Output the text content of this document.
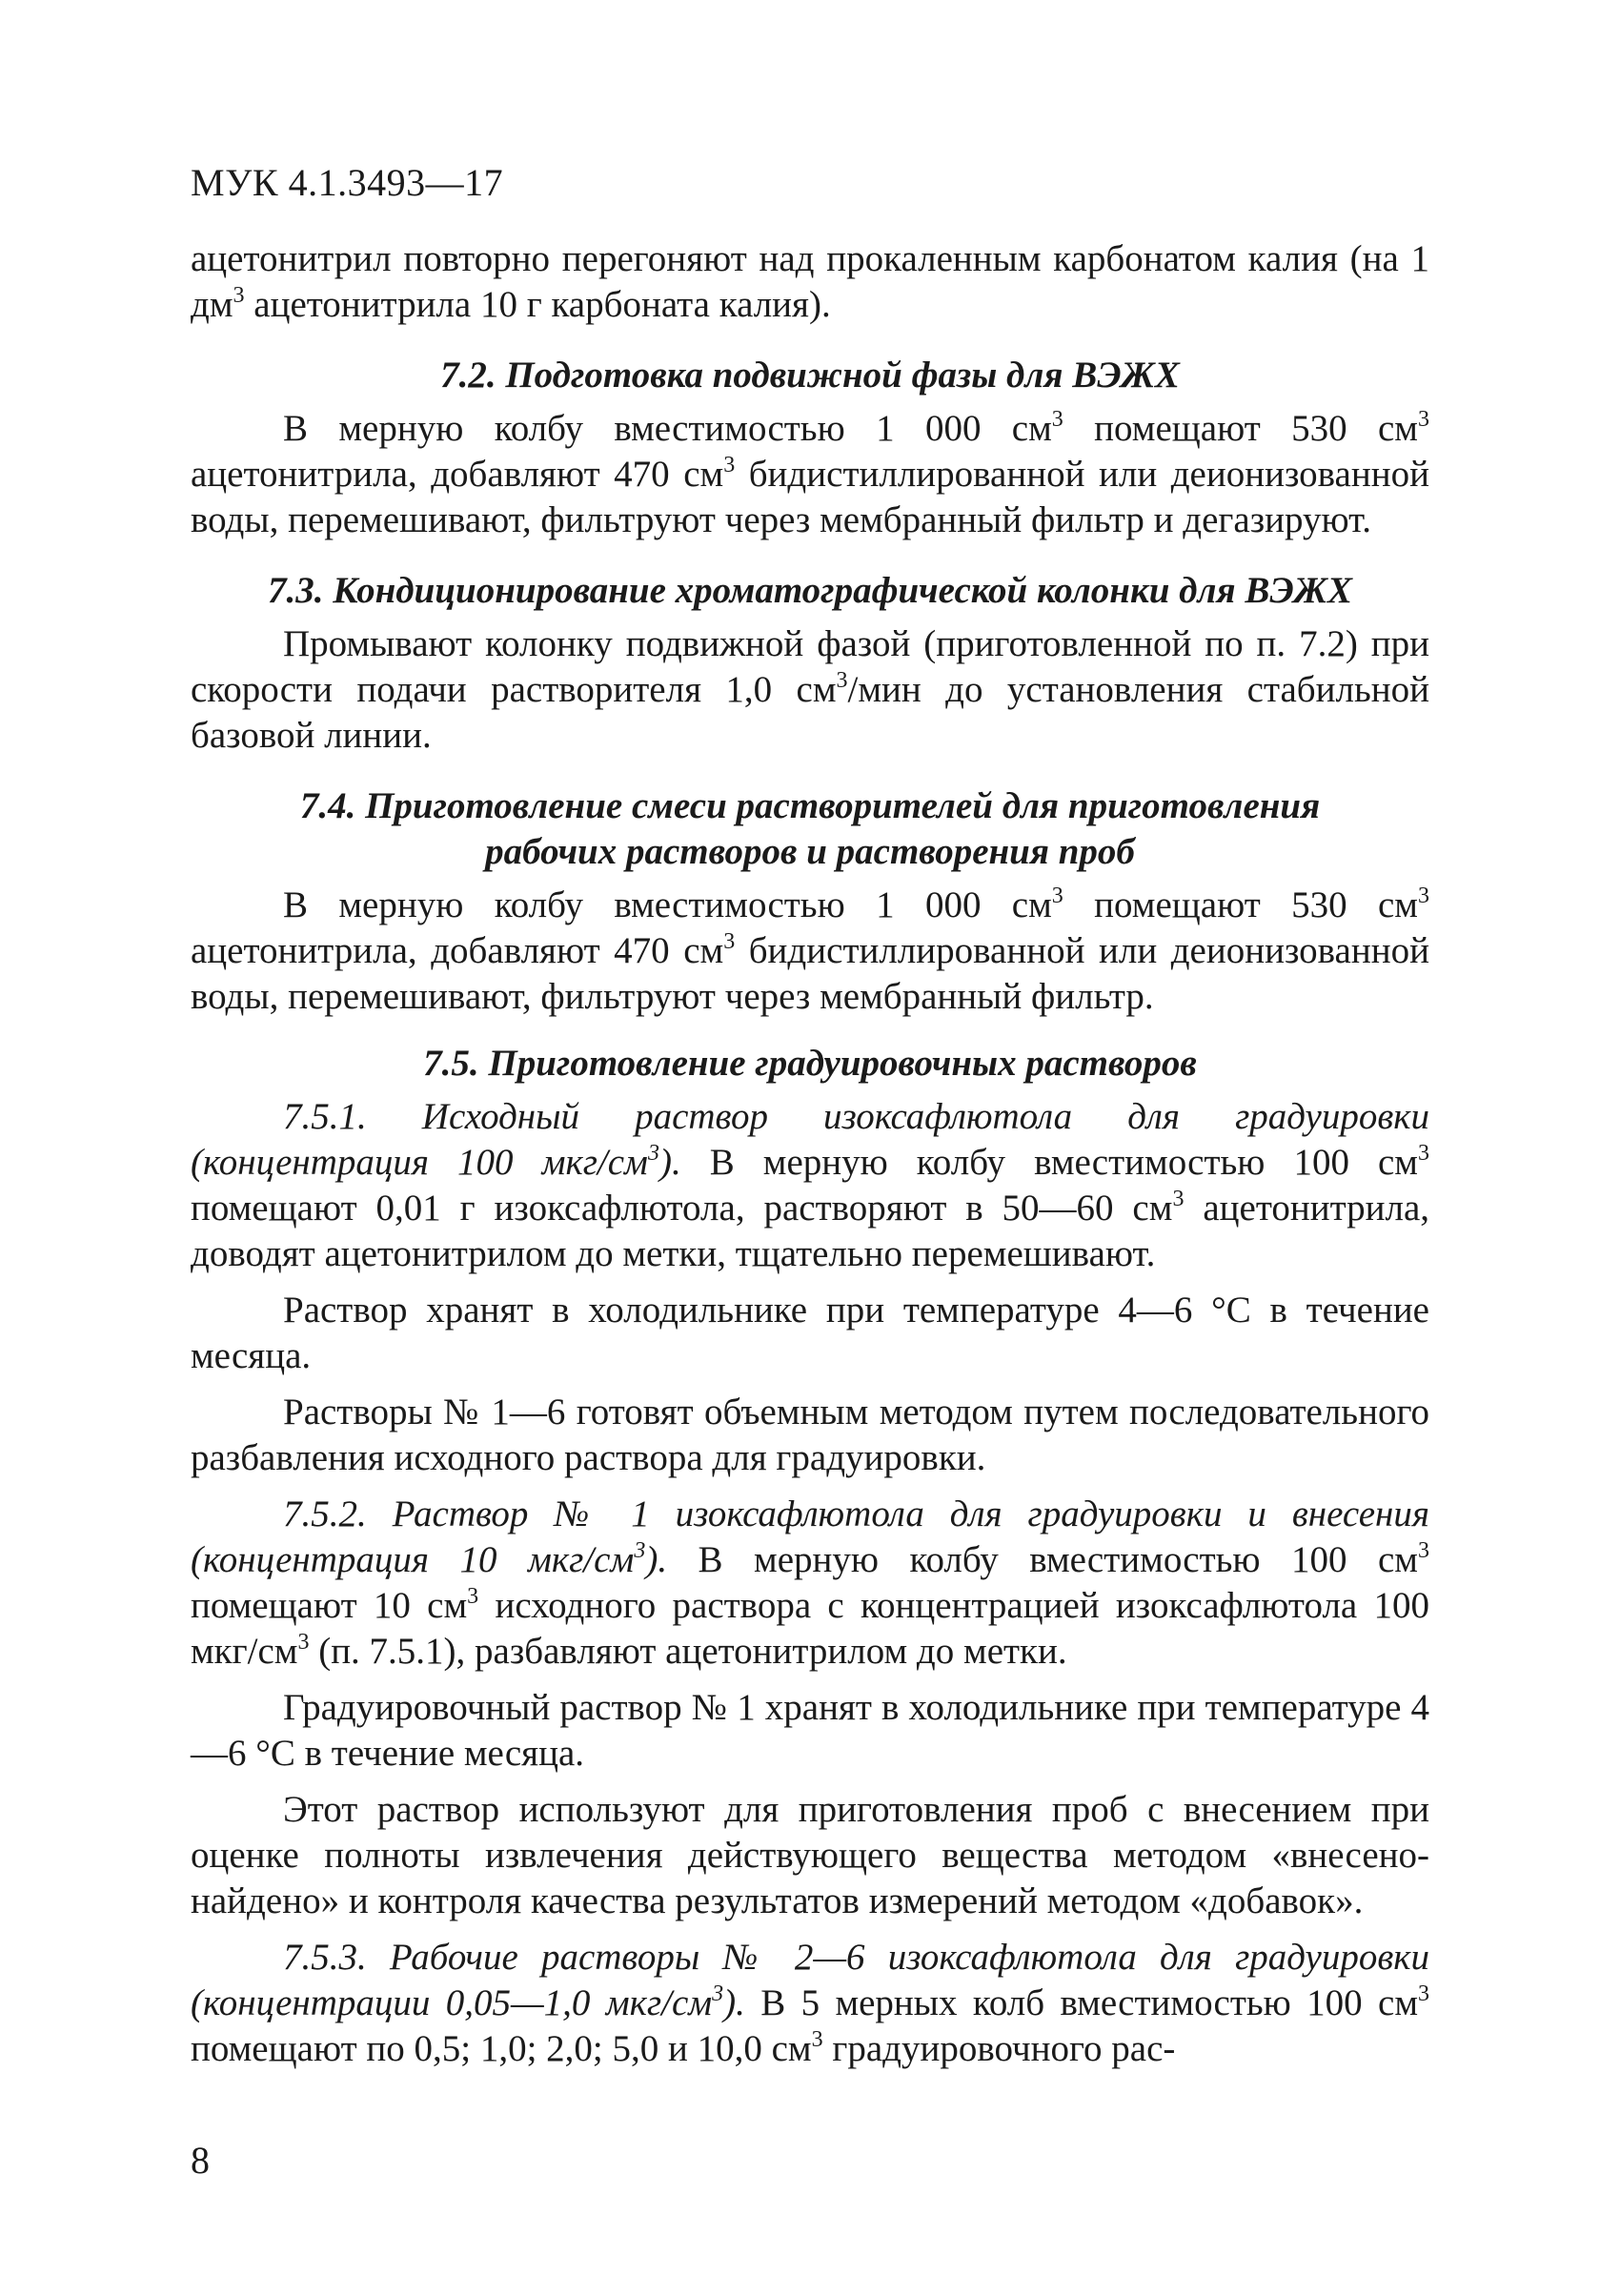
МУК 4.1.3493—17

ацетонитрил повторно перегоняют над прокаленным карбонатом калия (на 1 $дм^3$ ацетонитрила 10 г карбоната калия).

7.2. Подготовка подвижной фазы для ВЭЖХ

В мерную колбу вместимостью 1 000 $см^3$ помещают 530 $см^3$ ацетонитрила, добавляют 470 $см^3$ бидистиллированной или деионизованной воды, перемешивают, фильтруют через мембранный фильтр и дегазируют.

7.3. Кондиционирование хроматографической колонки для ВЭЖХ

Промывают колонку подвижной фазой (приготовленной по п. 7.2) при скорости подачи растворителя 1,0 $см^3$/мин до установления стабильной базовой линии.

7.4. Приготовление смеси растворителей для приготовления
рабочих растворов и растворения проб

В мерную колбу вместимостью 1 000 $см^3$ помещают 530 $см^3$ ацетонитрила, добавляют 470 $см^3$ бидистиллированной или деионизованной воды, перемешивают, фильтруют через мембранный фильтр.

7.5. Приготовление градуировочных растворов

7.5.1. Исходный раствор изоксафлютола для градуировки (концентрация 100 мкг/$см^3$). В мерную колбу вместимостью 100 $см^3$ помещают 0,01 г изоксафлютола, растворяют в 50—60 $см^3$ ацетонитрила, доводят ацетонитрилом до метки, тщательно перемешивают.

Раствор хранят в холодильнике при температуре 4—6 °С в течение месяца.

Растворы № 1—6 готовят объемным методом путем последовательного разбавления исходного раствора для градуировки.

7.5.2. Раствор № 1 изоксафлютола для градуировки и внесения (концентрация 10 мкг/$см^3$). В мерную колбу вместимостью 100 $см^3$ помещают 10 $см^3$ исходного раствора с концентрацией изоксафлютола 100 мкг/$см^3$ (п. 7.5.1), разбавляют ацетонитрилом до метки.

Градуировочный раствор № 1 хранят в холодильнике при температуре 4—6 °С в течение месяца.

Этот раствор используют для приготовления проб с внесением при оценке полноты извлечения действующего вещества методом «внесено-найдено» и контроля качества результатов измерений методом «добавок».

7.5.3. Рабочие растворы № 2—6 изоксафлютола для градуировки (концентрации 0,05—1,0 мкг/$см^3$). В 5 мерных колб вместимостью 100 $см^3$ помещают по 0,5; 1,0; 2,0; 5,0 и 10,0 $см^3$ градуировочного рас-

8
